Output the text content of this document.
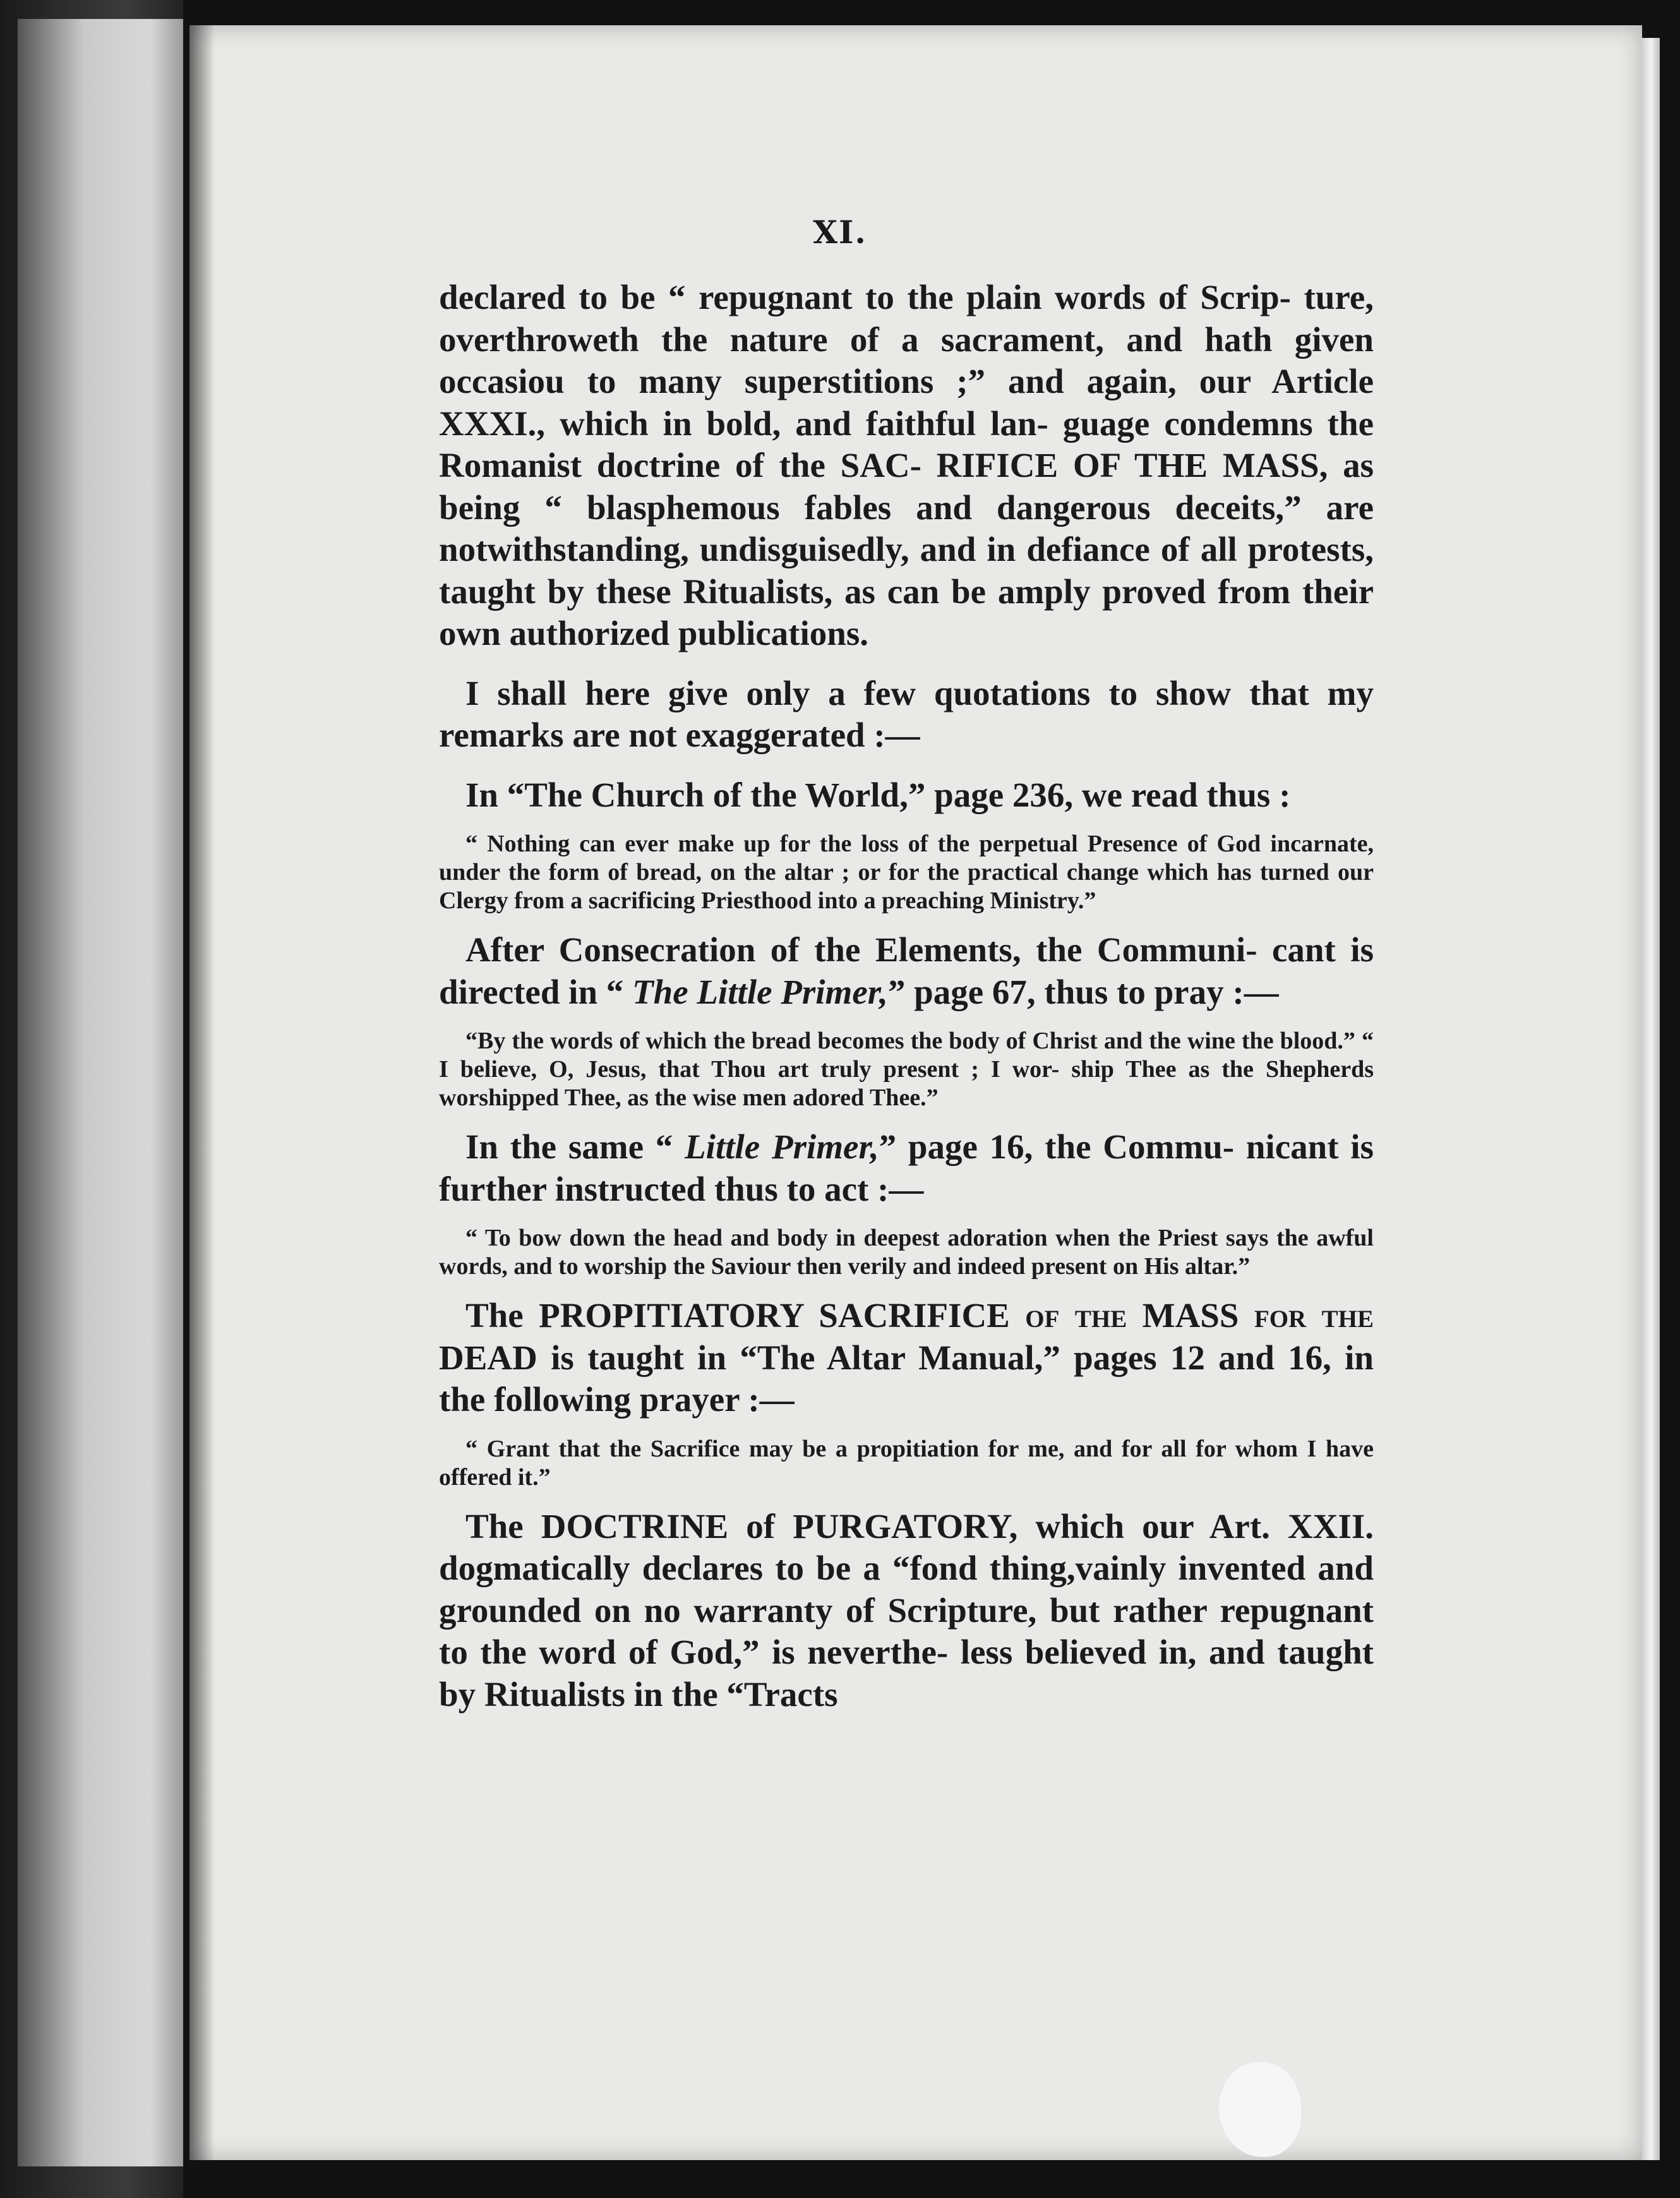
XI.

declared to be “ repugnant to the plain words of Scrip- ture, overthroweth the nature of a sacrament, and hath given occasiou to many superstitions ;” and again, our Article XXXI., which in bold, and faithful lan- guage condemns the Romanist doctrine of the SAC- RIFICE OF THE MASS, as being “ blasphemous fables and dangerous deceits,” are notwithstanding, undisguisedly, and in defiance of all protests, taught by these Ritualists, as can be amply proved from their own authorized publications.

I shall here give only a few quotations to show that my remarks are not exaggerated :—

In “The Church of the World,” page 236, we read thus :

“ Nothing can ever make up for the loss of the perpetual Presence of God incarnate, under the form of bread, on the altar ; or for the practical change which has turned our Clergy from a sacrificing Priesthood into a preaching Ministry.”

After Consecration of the Elements, the Communi- cant is directed in “ The Little Primer,” page 67, thus to pray :—

“By the words of which the bread becomes the body of Christ and the wine the blood.” “ I believe, O, Jesus, that Thou art truly present ; I wor- ship Thee as the Shepherds worshipped Thee, as the wise men adored Thee.”

In the same “ Little Primer,” page 16, the Commu- nicant is further instructed thus to act :—

“ To bow down the head and body in deepest adoration when the Priest says the awful words, and to worship the Saviour then verily and indeed present on His altar.”

The PROPITIATORY SACRIFICE of the MASS for the DEAD is taught in “The Altar Manual,” pages 12 and 16, in the following prayer :—

“ Grant that the Sacrifice may be a propitiation for me, and for all for whom I have offered it.”

The DOCTRINE of PURGATORY, which our Art. XXII. dogmatically declares to be a “fond thing,vainly invented and grounded on no warranty of Scripture, but rather repugnant to the word of God,” is neverthe- less believed in, and taught by Ritualists in the “Tracts
